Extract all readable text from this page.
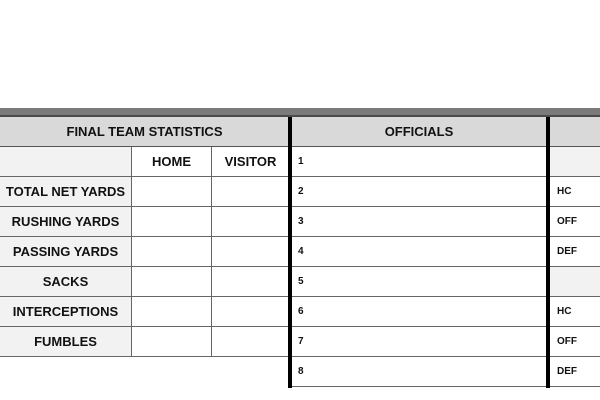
FINAL TEAM STATISTICS	OFFICIALS
HOME	VISITOR
TOTAL NET YARDS
RUSHING YARDS
PASSING YARDS
SACKS
INTERCEPTIONS
FUMBLES
1
2
3
4
5
6
7
8
HC
OFF
DEF
HC
OFF
DEF
